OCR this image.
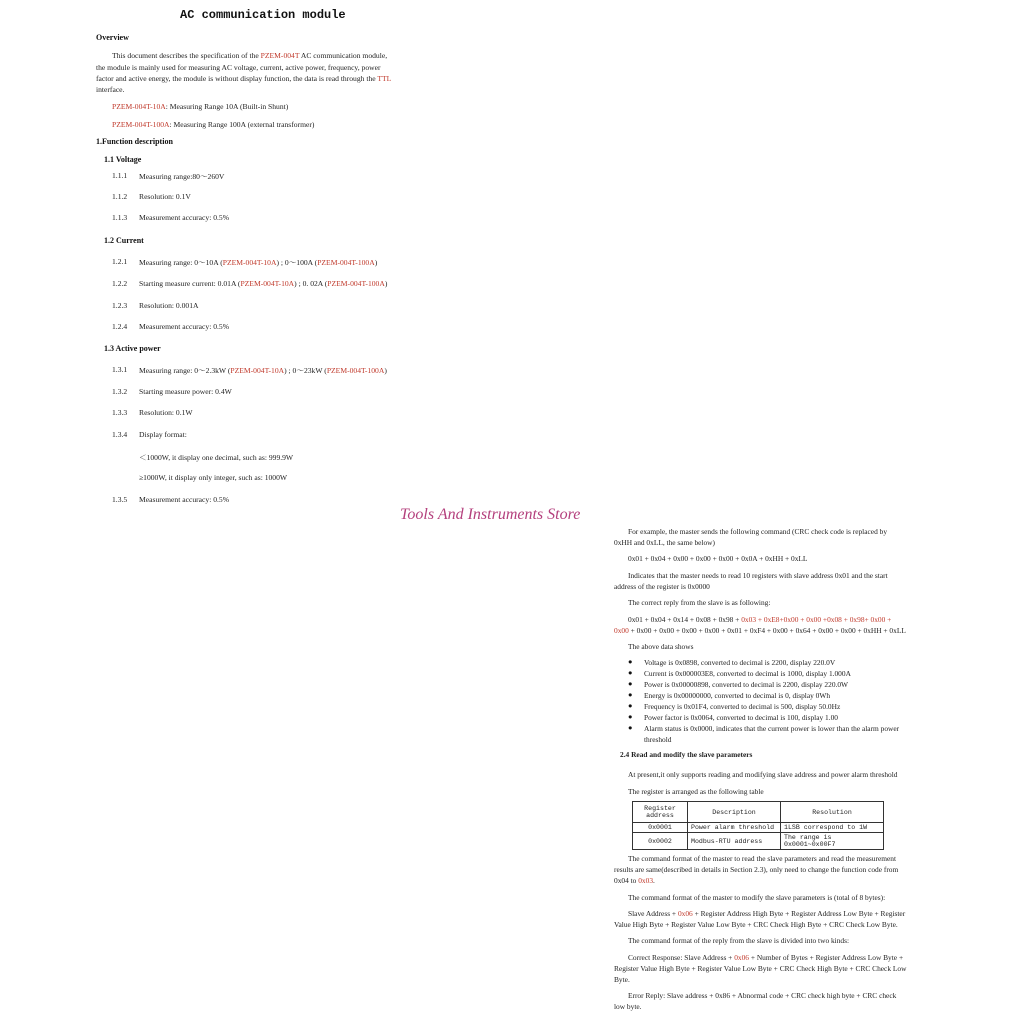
AC communication module
Overview
This document describes the specification of the PZEM-004T AC communication module,
the module is mainly used for measuring AC voltage, current, active power, frequency, power
factor and active energy, the module is without display function, the data is read through the TTL
interface.
PZEM-004T-10A: Measuring Range 10A (Built-in Shunt)
PZEM-004T-100A: Measuring Range 100A (external transformer)
1.Function description
1.1 Voltage
1.1.1 Measuring range:80～260V
1.1.2 Resolution: 0.1V
1.1.3 Measurement accuracy: 0.5%
1.2 Current
1.2.1 Measuring range: 0～10A (PZEM-004T-10A) ; 0～100A (PZEM-004T-100A)
1.2.2 Starting measure current: 0.01A (PZEM-004T-10A) ; 0. 02A (PZEM-004T-100A)
1.2.3 Resolution: 0.001A
1.2.4 Measurement accuracy: 0.5%
1.3 Active power
1.3.1 Measuring range: 0～2.3kW (PZEM-004T-10A) ; 0～23kW (PZEM-004T-100A)
1.3.2 Starting measure power: 0.4W
1.3.3 Resolution: 0.1W
1.3.4 Display format:
＜1000W, it display one decimal, such as: 999.9W
≥1000W, it display only integer, such as: 1000W
1.3.5 Measurement accuracy: 0.5%
Tools And Instruments Store
For example, the master sends the following command (CRC check code is replaced by
0xHH and 0xLL, the same below)
0x01 + 0x04 + 0x00 + 0x00 + 0x00 + 0x0A + 0xHH + 0xLL
Indicates that the master needs to read 10 registers with slave address 0x01 and the start
address of the register is 0x0000
The correct reply from the slave is as following:
0x01 + 0x04 + 0x14 + 0x08 + 0x98 + 0x03 + 0xE8+0x00 + 0x00 +0x08 + 0x98+ 0x00 +
0x00 + 0x00 + 0x00 + 0x00 + 0x00 + 0x01 + 0xF4 + 0x00 + 0x64 + 0x00 + 0x00 + 0xHH + 0xLL
The above data shows
● Voltage is 0x0898, converted to decimal is 2200, display 220.0V
● Current is 0x000003E8, converted to decimal is 1000, display 1.000A
● Power is 0x00000898, converted to decimal is 2200, display 220.0W
● Energy is 0x00000000, converted to decimal is 0, display 0Wh
● Frequency is 0x01F4, converted to decimal is 500, display 50.0Hz
● Power factor is 0x0064, converted to decimal is 100, display 1.00
● Alarm status is 0x0000, indicates that the current power is lower than the alarm power
threshold
2.4 Read and modify the slave parameters
At present,it only supports reading and modifying slave address and power alarm threshold
The register is arranged as the following table
Register address	Description	Resolution
0x0001	Power alarm threshold	1LSB correspond to 1W
0x0002	Modbus-RTU address	The range is 0x0001~0x00F7
The command format of the master to read the slave parameters and read the measurement
results are same(described in details in Section 2.3), only need to change the function code from
0x04 to 0x03.
The command format of the master to modify the slave parameters is (total of 8 bytes):
Slave Address + 0x06 + Register Address High Byte + Register Address Low Byte + Register
Value High Byte + Register Value Low Byte + CRC Check High Byte + CRC Check Low Byte.
The command format of the reply from the slave is divided into two kinds:
Correct Response: Slave Address + 0x06 + Number of Bytes + Register Address Low Byte +
Register Value High Byte + Register Value Low Byte + CRC Check High Byte + CRC Check Low
Byte.
Error Reply: Slave address + 0x86 + Abnormal code + CRC check high byte + CRC check
low byte.
